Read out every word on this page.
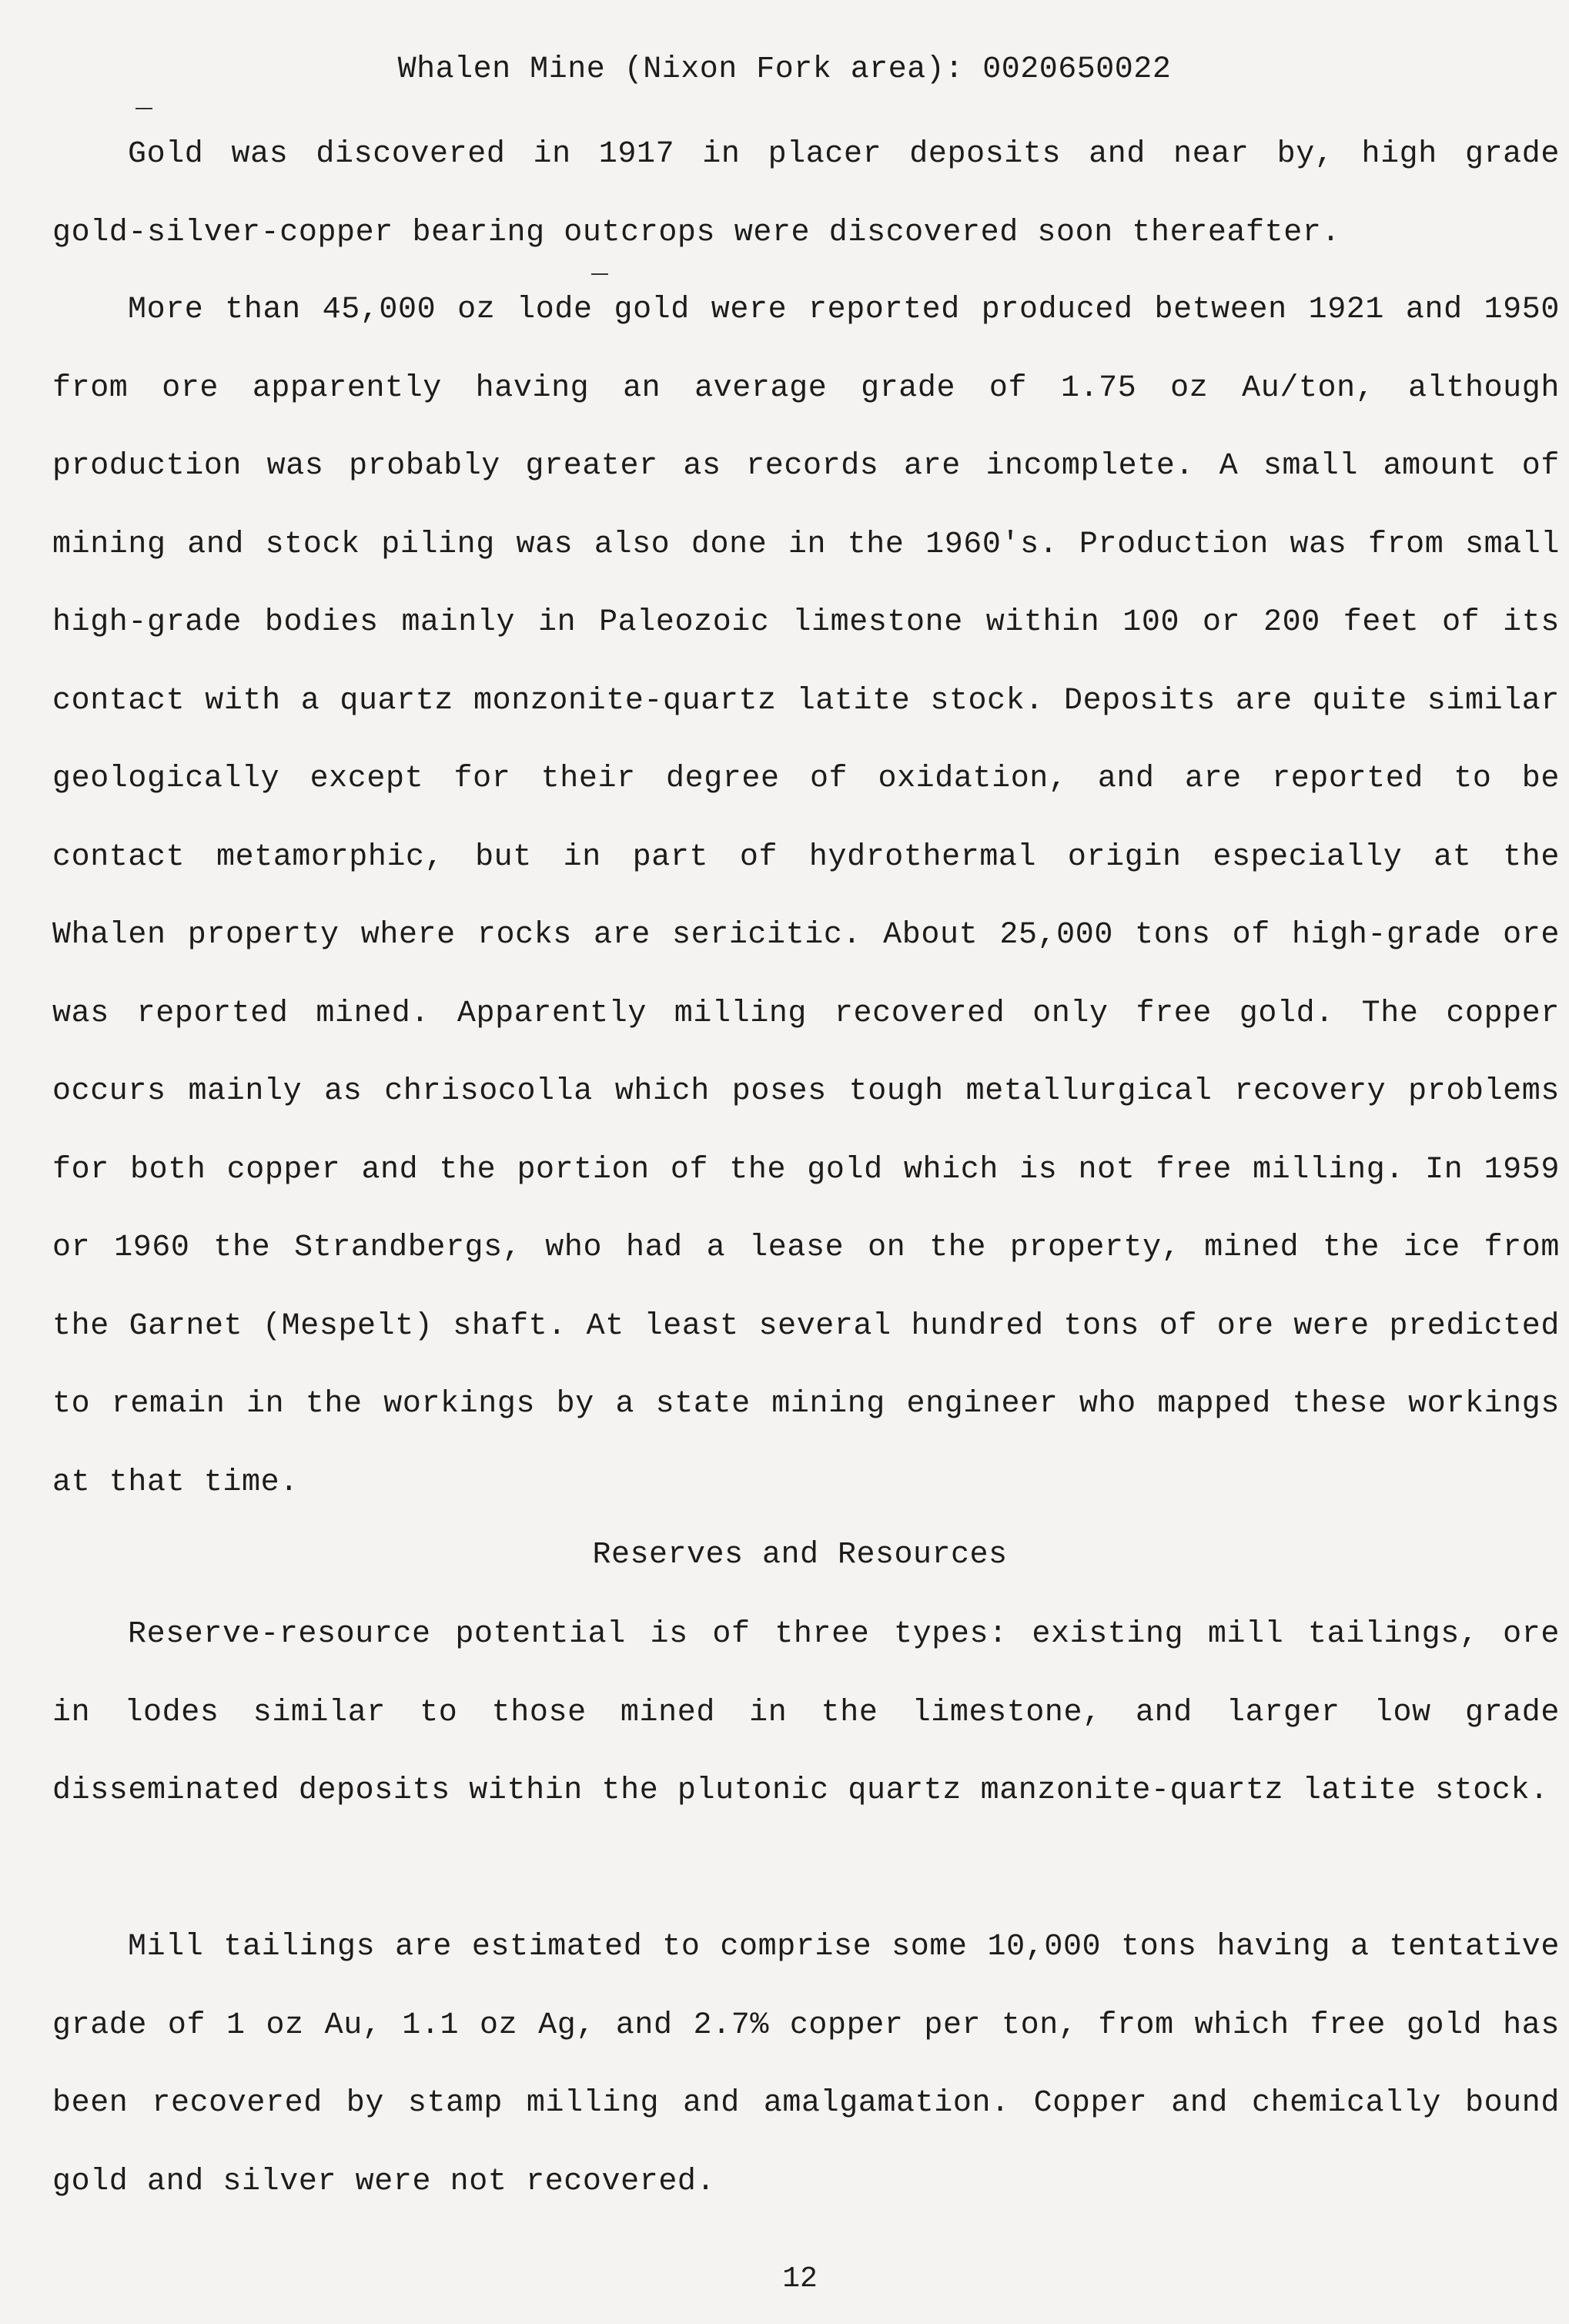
Whalen Mine (Nixon Fork area): 0020650022

Gold was discovered in 1917 in placer deposits and near by, high grade gold-silver-copper bearing outcrops were discovered soon thereafter.

More than 45,000 oz lode gold were reported produced between 1921 and 1950 from ore apparently having an average grade of 1.75 oz Au/ton, although production was probably greater as records are incomplete. A small amount of mining and stock piling was also done in the 1960's. Production was from small high-grade bodies mainly in Paleozoic limestone within 100 or 200 feet of its contact with a quartz monzonite-quartz latite stock. Deposits are quite similar geologically except for their degree of oxidation, and are reported to be contact metamorphic, but in part of hydrothermal origin especially at the Whalen property where rocks are sericitic. About 25,000 tons of high-grade ore was reported mined. Apparently milling recovered only free gold. The copper occurs mainly as chrisocolla which poses tough metallurgical recovery problems for both copper and the portion of the gold which is not free milling. In 1959 or 1960 the Strandbergs, who had a lease on the property, mined the ice from the Garnet (Mespelt) shaft. At least several hundred tons of ore were predicted to remain in the workings by a state mining engineer who mapped these workings at that time.

Reserves and Resources

Reserve-resource potential is of three types: existing mill tailings, ore in lodes similar to those mined in the limestone, and larger low grade disseminated deposits within the plutonic quartz manzonite-quartz latite stock.

Mill tailings are estimated to comprise some 10,000 tons having a tentative grade of 1 oz Au, 1.1 oz Ag, and 2.7% copper per ton, from which free gold has been recovered by stamp milling and amalgamation. Copper and chemically bound gold and silver were not recovered.

12
